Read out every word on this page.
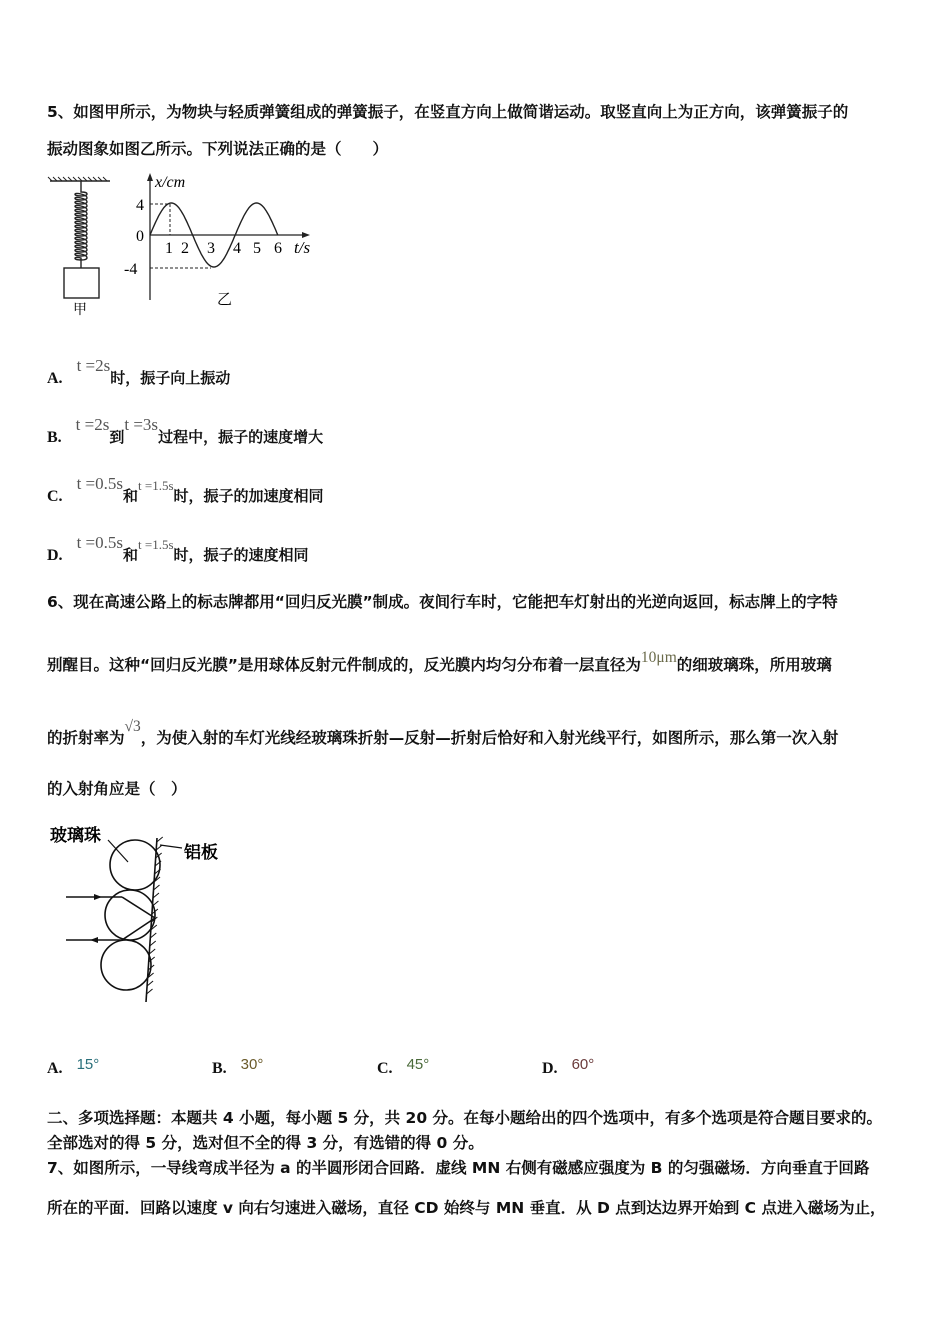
5、如图甲所示，为物块与轻质弹簧组成的弹簧振子，在竖直方向上做简谐运动。取竖直向上为正方向，该弹簧振子的
振动图象如图乙所示。下列说法正确的是（　　）
甲
x/cm
4
0
-4
1 2 3 4 5 6 t/s
乙
A.t =2s时，振子向上振动
B.t =2s到t =3s过程中，振子的速度增大
C.t =0.5s和t =1.5s时，振子的加速度相同
D.t =0.5s和t =1.5s时，振子的速度相同
6、现在高速公路上的标志牌都用“回归反光膜”制成。夜间行车时，它能把车灯射出的光逆向返回，标志牌上的字特
别醒目。这种“回归反光膜”是用球体反射元件制成的，反光膜内均匀分布着一层直径为10μm的细玻璃珠，所用玻璃
的折射率为√3，为使入射的车灯光线经玻璃珠折射—反射—折射后恰好和入射光线平行，如图所示，那么第一次入射
的入射角应是（　）
玻璃珠
铝板
A. 15°	B. 30°	C. 45°	D. 60°
二、多项选择题：本题共 4 小题，每小题 5 分，共 20 分。在每小题给出的四个选项中，有多个选项是符合题目要求的。
全部选对的得 5 分，选对但不全的得 3 分，有选错的得 0 分。
7、如图所示，一导线弯成半径为 a 的半圆形闭合回路．虚线 MN 右侧有磁感应强度为 B 的匀强磁场．方向垂直于回路
所在的平面．回路以速度 v 向右匀速进入磁场，直径 CD 始终与 MN 垂直．从 D 点到达边界开始到 C 点进入磁场为止，
